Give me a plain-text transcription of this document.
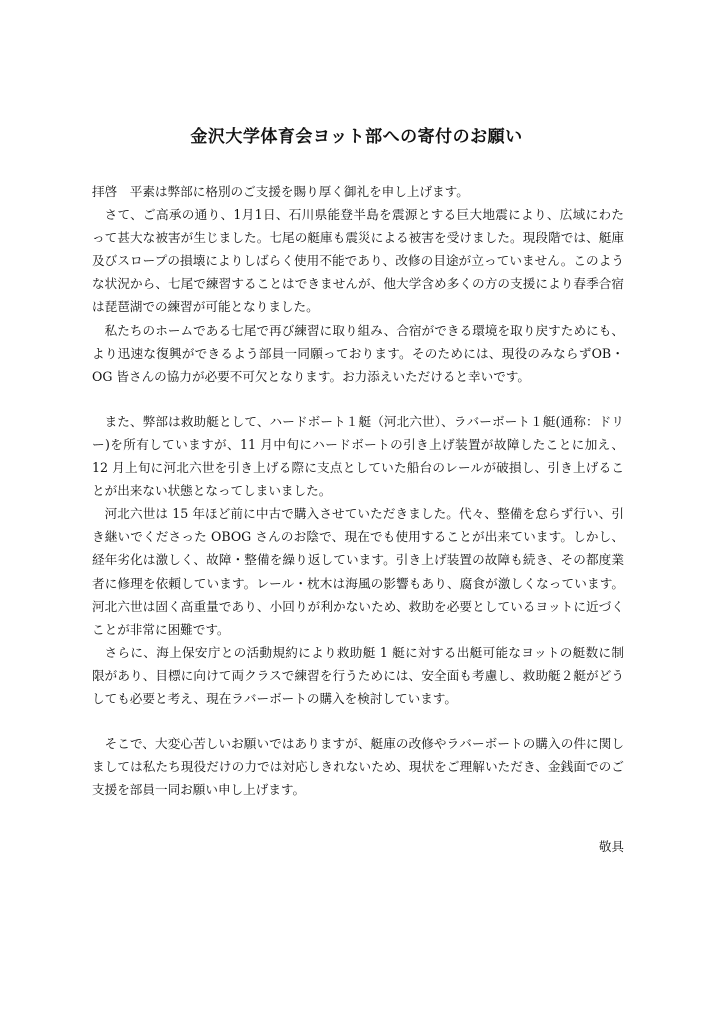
金沢大学体育会ヨット部への寄付のお願い

拝啓　平素は弊部に格別のご支援を賜り厚く御礼を申し上げます。

さて、ご高承の通り、1月1日、石川県能登半島を震源とする巨大地震により、広域にわたって甚大な被害が生じました。七尾の艇庫も震災による被害を受けました。現段階では、艇庫及びスロープの損壊によりしばらく使用不能であり、改修の目途が立っていません。このような状況から、七尾で練習することはできませんが、他大学含め多くの方の支援により春季合宿は琵琶湖での練習が可能となりました。

私たちのホームである七尾で再び練習に取り組み、合宿ができる環境を取り戻すためにも、より迅速な復興ができるよう部員一同願っております。そのためには、現役のみならずOB・OG 皆さんの協力が必要不可欠となります。お力添えいただけると幸いです。

また、弊部は救助艇として、ハードボート１艇（河北六世）、ラバーボート１艇(通称：ドリー)を所有していますが、11 月中旬にハードボートの引き上げ装置が故障したことに加え、12 月上旬に河北六世を引き上げる際に支点としていた船台のレールが破損し、引き上げることが出来ない状態となってしまいました。

河北六世は 15 年ほど前に中古で購入させていただきました。代々、整備を怠らず行い、引き継いでくださった OBOG さんのお陰で、現在でも使用することが出来ています。しかし、経年劣化は激しく、故障・整備を繰り返しています。引き上げ装置の故障も続き、その都度業者に修理を依頼しています。レール・枕木は海風の影響もあり、腐食が激しくなっています。河北六世は固く高重量であり、小回りが利かないため、救助を必要としているヨットに近づくことが非常に困難です。

さらに、海上保安庁との活動規約により救助艇 1 艇に対する出艇可能なヨットの艇数に制限があり、目標に向けて両クラスで練習を行うためには、安全面も考慮し、救助艇２艇がどうしても必要と考え、現在ラバーボートの購入を検討しています。

そこで、大変心苦しいお願いではありますが、艇庫の改修やラバーボートの購入の件に関しましては私たち現役だけの力では対応しきれないため、現状をご理解いただき、金銭面でのご支援を部員一同お願い申し上げます。

敬具
